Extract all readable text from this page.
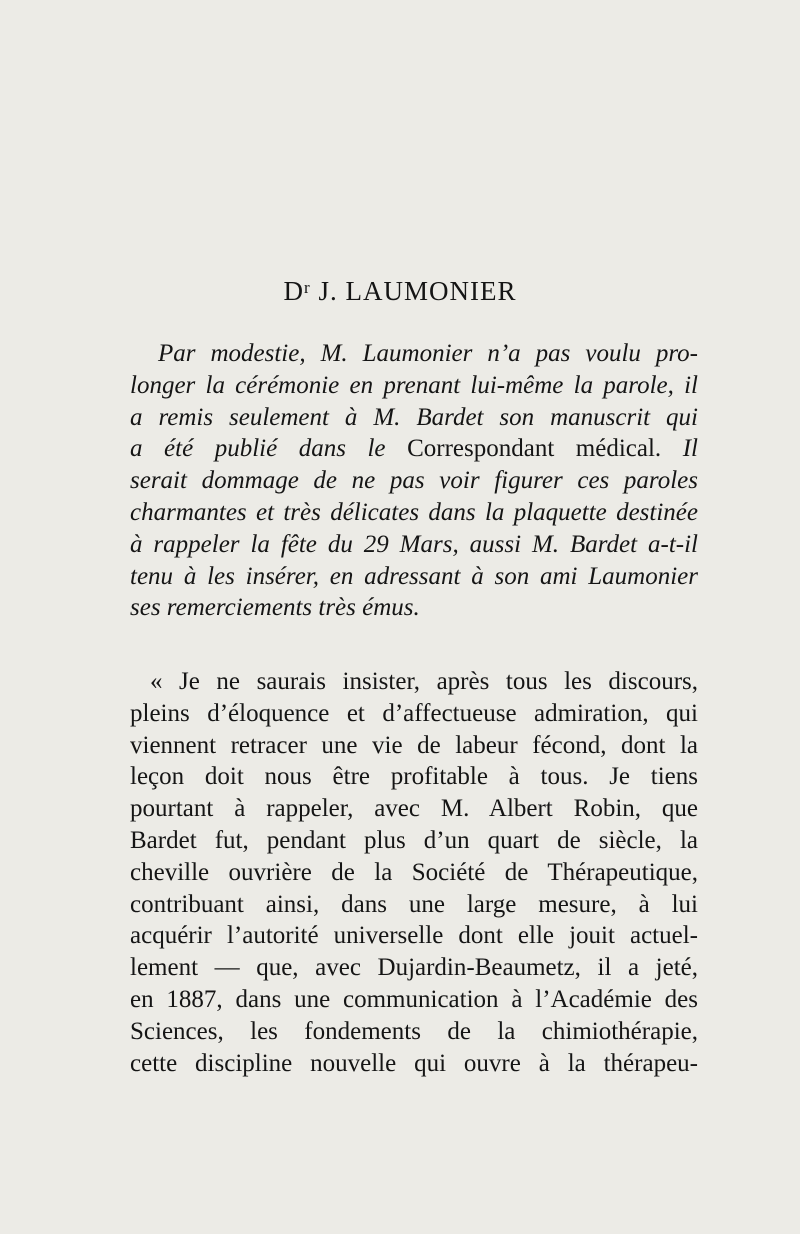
$D^r$ J. LAUMONIER

Par modestie, M. Laumonier n’a pas voulu pro-
longer la cérémonie en prenant lui-même la parole, il
a remis seulement à M. Bardet son manuscrit qui
a été publié dans le Correspondant médical. Il
serait dommage de ne pas voir figurer ces paroles
charmantes et très délicates dans la plaquette destinée
à rappeler la fête du 29 Mars, aussi M. Bardet a-t-il
tenu à les insérer, en adressant à son ami Laumonier
ses remerciements très émus.

« Je ne saurais insister, après tous les discours,
pleins d’éloquence et d’affectueuse admiration, qui
viennent retracer une vie de labeur fécond, dont la
leçon doit nous être profitable à tous. Je tiens
pourtant à rappeler, avec M. Albert Robin, que
Bardet fut, pendant plus d’un quart de siècle, la
cheville ouvrière de la Société de Thérapeutique,
contribuant ainsi, dans une large mesure, à lui
acquérir l’autorité universelle dont elle jouit actuel-
lement — que, avec Dujardin-Beaumetz, il a jeté,
en 1887, dans une communication à l’Académie des
Sciences, les fondements de la chimiothérapie,
cette discipline nouvelle qui ouvre à la thérapeu-
